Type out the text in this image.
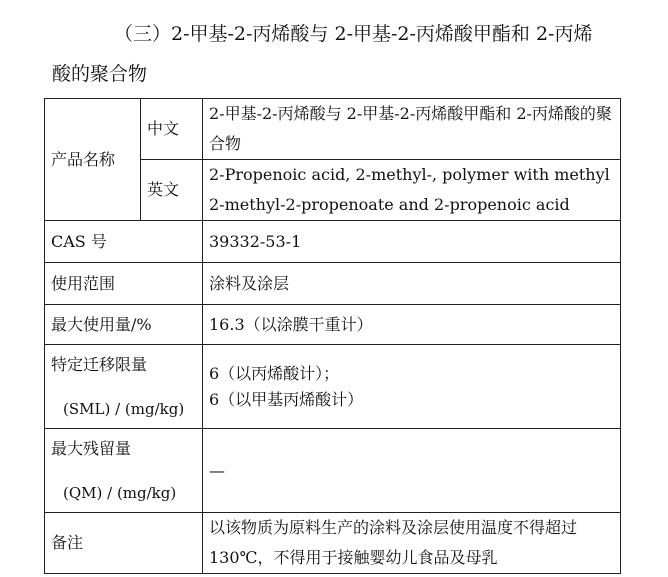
（三）2-甲基-2-丙烯酸与 2-甲基-2-丙烯酸甲酯和 2-丙烯
酸的聚合物
产品名称	中文	2-甲基-2-丙烯酸与 2-甲基-2-丙烯酸甲酯和 2-丙烯酸的聚合物
	英文	2-Propenoic acid, 2-methyl-, polymer with methyl
2-methyl-2-propenoate and 2-propenoic acid

CAS 号		39332-53-1
使用范围		涂料及涂层
最大使用量/%		16.3（以涂膜干重计）

特定迁移限量
(SML) / (mg/kg)		6（以丙烯酸计）；
6（以甲基丙烯酸计）

最大残留量
(QM) / (mg/kg)		—
备注		以该物质为原料生产的涂料及涂层使用温度不得超过 130℃，不得用于接触婴幼儿食品及母乳
